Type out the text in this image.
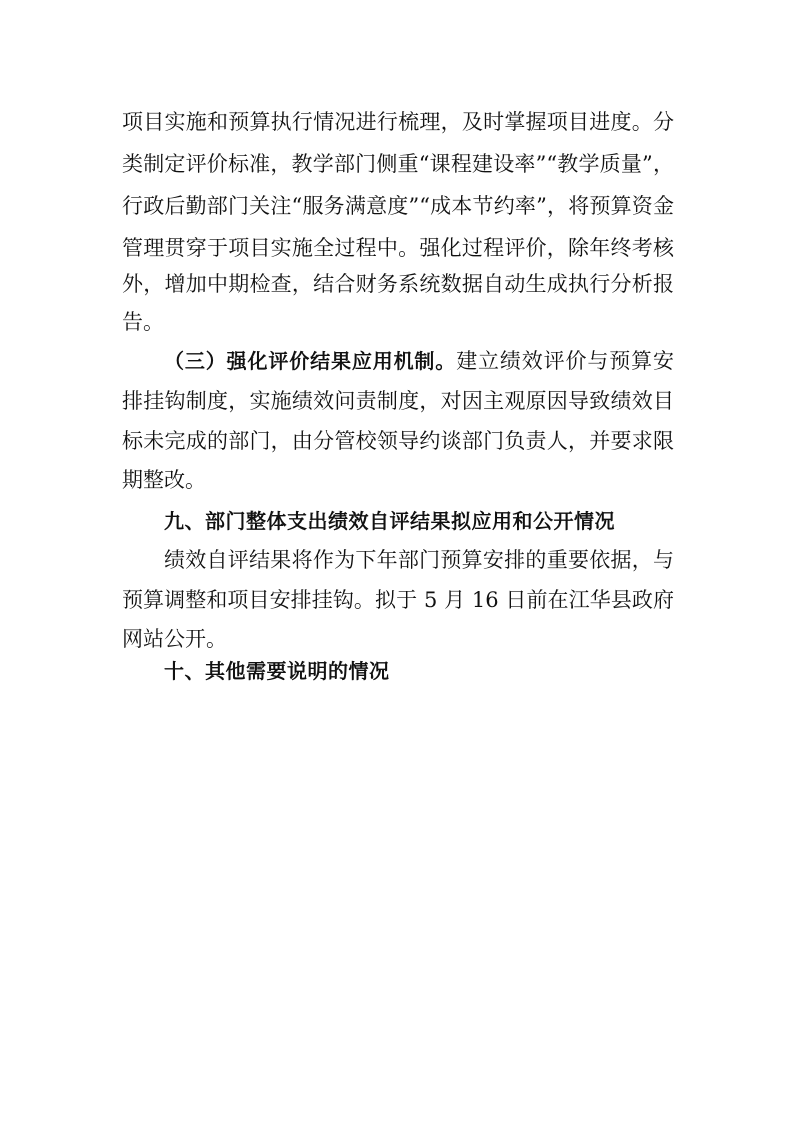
项目实施和预算执行情况进行梳理，及时掌握项目进度。分
类制定评价标准，教学部门侧重“课程建设率”“教学质量”，
行政后勤部门关注“服务满意度”“成本节约率”，将预算资金
管理贯穿于项目实施全过程中。强化过程评价，除年终考核
外，增加中期检查，结合财务系统数据自动生成执行分析报
告。
（三）强化评价结果应用机制。建立绩效评价与预算安
排挂钩制度，实施绩效问责制度，对因主观原因导致绩效目
标未完成的部门，由分管校领导约谈部门负责人，并要求限
期整改。
九、部门整体支出绩效自评结果拟应用和公开情况
绩效自评结果将作为下年部门预算安排的重要依据，与
预算调整和项目安排挂钩。拟于 5 月 16 日前在江华县政府
网站公开。
十、其他需要说明的情况
